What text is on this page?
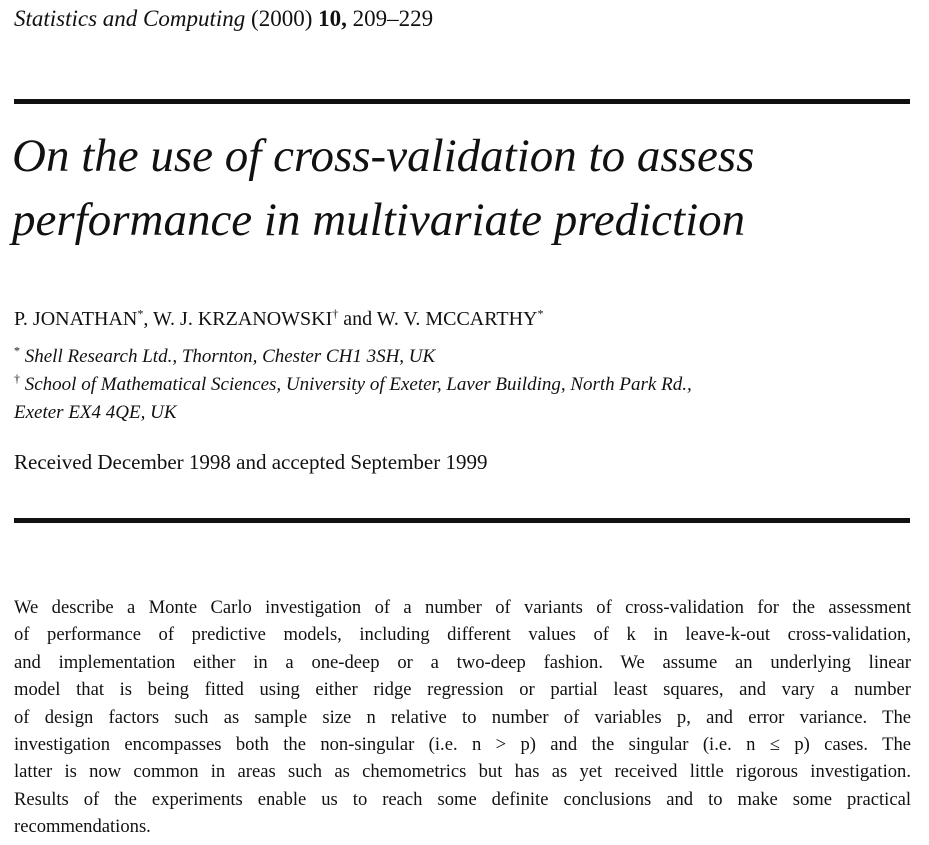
Statistics and Computing (2000) 10, 209–229
On the use of cross-validation to assess
performance in multivariate prediction
P. JONATHAN*, W. J. KRZANOWSKI† and W. V. MCCARTHY*
* Shell Research Ltd., Thornton, Chester CH1 3SH, UK
† School of Mathematical Sciences, University of Exeter, Laver Building, North Park Rd.,
Exeter EX4 4QE, UK
Received December 1998 and accepted September 1999
We describe a Monte Carlo investigation of a number of variants of cross-validation for the assessment
of performance of predictive models, including different values of k in leave-k-out cross-validation,
and implementation either in a one-deep or a two-deep fashion. We assume an underlying linear
model that is being fitted using either ridge regression or partial least squares, and vary a number
of design factors such as sample size n relative to number of variables p, and error variance. The
investigation encompasses both the non-singular (i.e. n > p) and the singular (i.e. n ≤ p) cases. The
latter is now common in areas such as chemometrics but has as yet received little rigorous investigation.
Results of the experiments enable us to reach some definite conclusions and to make some practical
recommendations.
